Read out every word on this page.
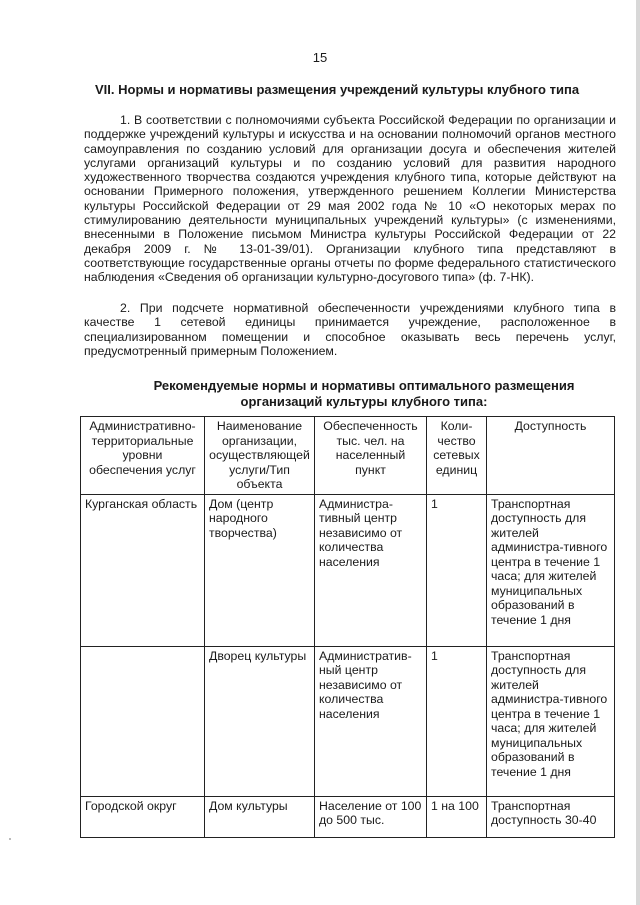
15
VII. Нормы и нормативы размещения учреждений культуры клубного типа

1. В соответствии с полномочиями субъекта Российской Федерации по организации и поддержке учреждений культуры и искусства и на основании полномочий органов местного самоуправления по созданию условий для организации досуга и обеспечения жителей услугами организаций культуры и по созданию условий для развития народного художественного творчества создаются учреждения клубного типа, которые действуют на основании Примерного положения, утвержденного решением Коллегии Министерства культуры Российской Федерации от 29 мая 2002 года № 10 «О некоторых мерах по стимулированию деятельности муниципальных учреждений культуры» (с изменениями, внесенными в Положение письмом Министра культуры Российской Федерации от 22 декабря 2009 г. № 13-01-39/01). Организации клубного типа представляют в соответствующие государственные органы отчеты по форме федерального статистического наблюдения «Сведения об организации культурно-досугового типа» (ф. 7-НК).

2. При подсчете нормативной обеспеченности учреждениями клубного типа в качестве 1 сетевой единицы принимается учреждение, расположенное в специализированном помещении и способное оказывать весь перечень услуг, предусмотренный примерным Положением.

Рекомендуемые нормы и нормативы оптимального размещения
организаций культуры клубного типа:
Административно-территориальные уровни обеспечения услуг	Наименование организации, осуществляющей услуги/Тип объекта	Обеспеченность тыс. чел. на населенный пункт	Коли-чество сетевых единиц	Доступность
Курганская область	Дом (центр народного творчества)	Администра-тивный центр независимо от количества населения	1	Транспортная доступность для жителей администра-тивного центра в течение 1 часа; для жителей муниципальных образований в течение 1 дня
	Дворец культуры	Административ-ный центр независимо от количества населения	1	Транспортная доступность для жителей администра-тивного центра в течение 1 часа; для жителей муниципальных образований в течение 1 дня
Городской округ	Дом культуры	Население от 100 до 500 тыс.	1 на 100	Транспортная доступность 30-40
